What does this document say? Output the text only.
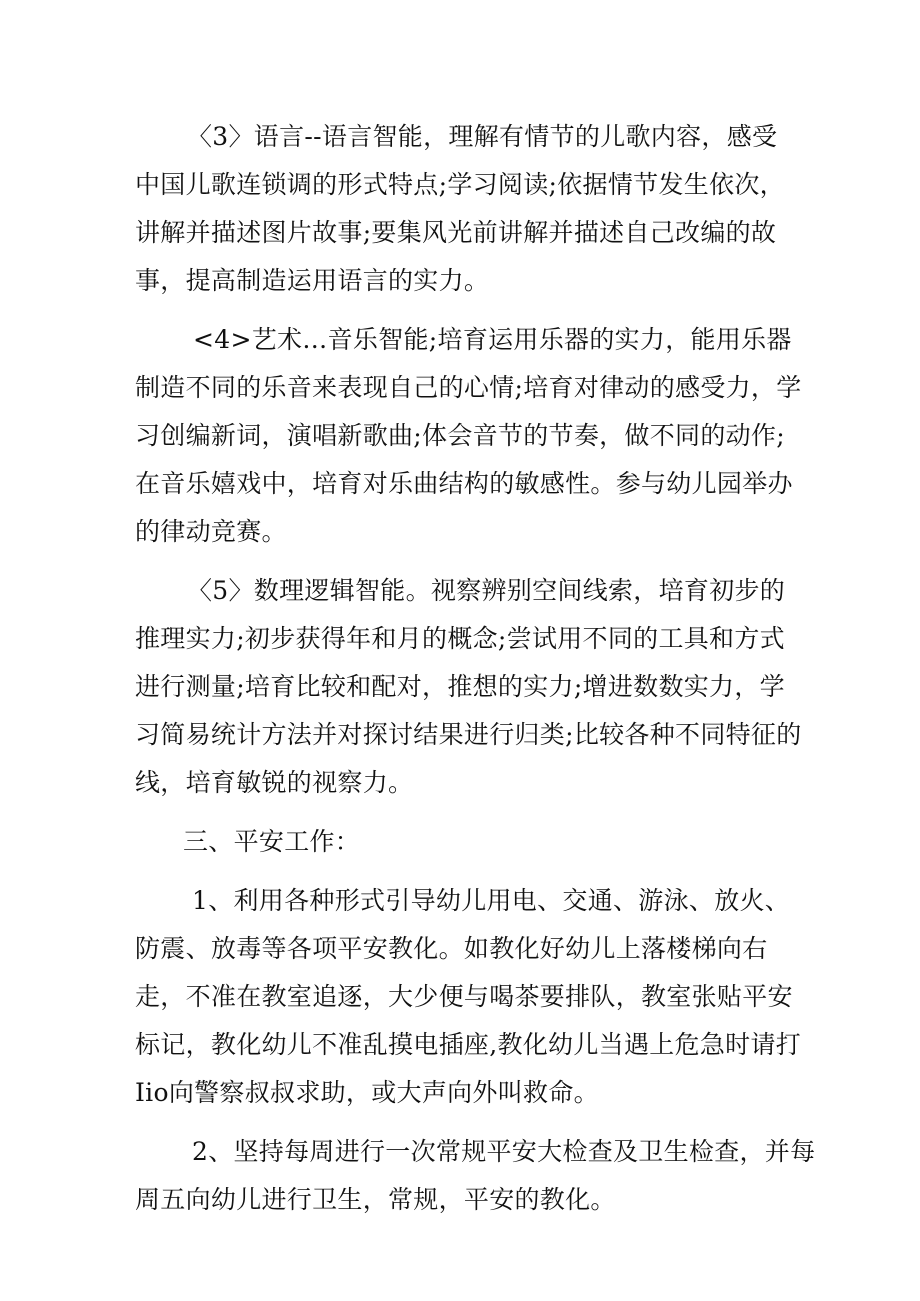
〈3〉语言--语言智能，理解有情节的儿歌内容，感受
中国儿歌连锁调的形式特点;学习阅读;依据情节发生依次，
讲解并描述图片故事;要集风光前讲解并描述自己改编的故
事，提高制造运用语言的实力。

<4>艺术…音乐智能;培育运用乐器的实力，能用乐器
制造不同的乐音来表现自己的心情;培育对律动的感受力，学
习创编新词，演唱新歌曲;体会音节的节奏，做不同的动作;
在音乐嬉戏中，培育对乐曲结构的敏感性。参与幼儿园举办
的律动竞赛。

〈5〉数理逻辑智能。视察辨别空间线索，培育初步的
推理实力;初步获得年和月的概念;尝试用不同的工具和方式
进行测量;培育比较和配对，推想的实力;增进数数实力，学
习简易统计方法并对探讨结果进行归类;比较各种不同特征的
线，培育敏锐的视察力。

三、平安工作：

1、利用各种形式引导幼儿用电、交通、游泳、放火、
防震、放毒等各项平安教化。如教化好幼儿上落楼梯向右
走，不准在教室追逐，大少便与喝茶要排队，教室张贴平安
标记，教化幼儿不准乱摸电插座,教化幼儿当遇上危急时请打
Iio向警察叔叔求助，或大声向外叫救命。

2、坚持每周进行一次常规平安大检查及卫生检查，并每
周五向幼儿进行卫生，常规，平安的教化。
